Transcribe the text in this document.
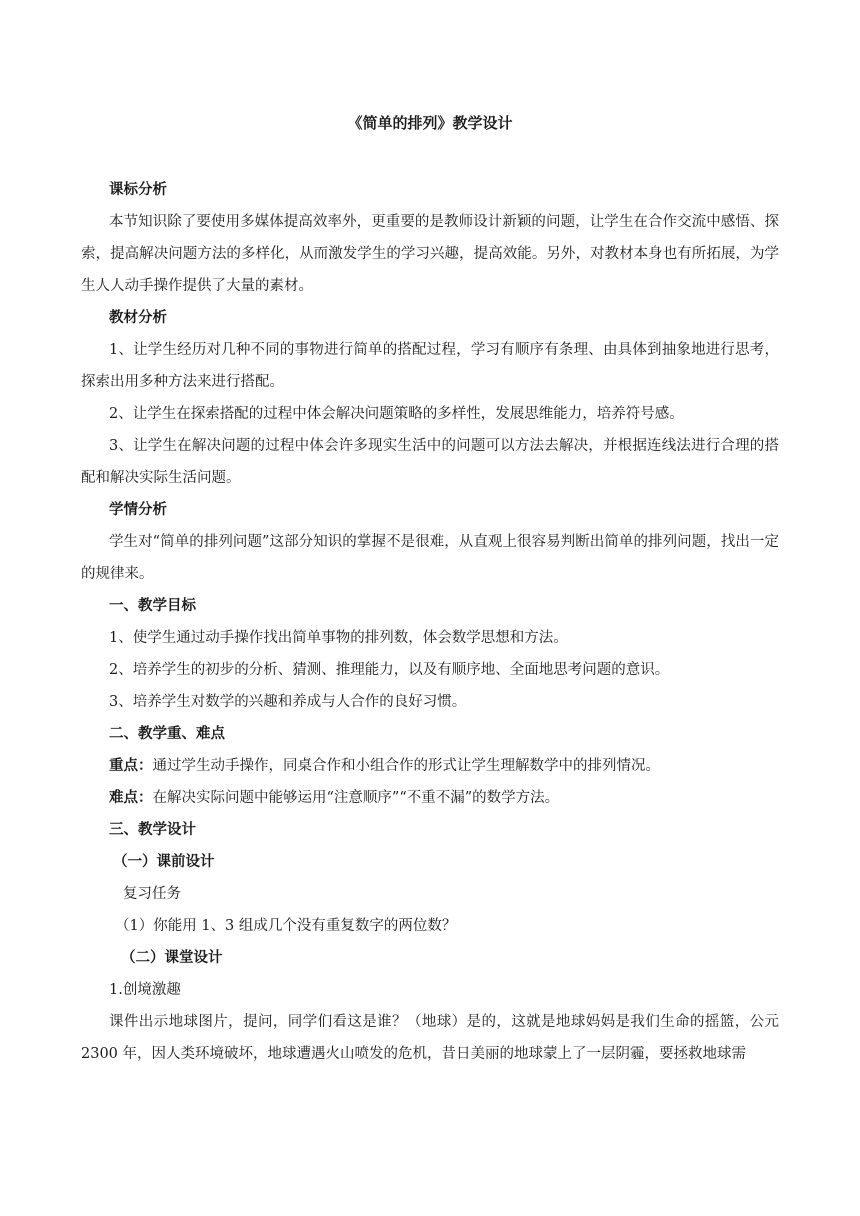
《简单的排列》教学设计

课标分析

本节知识除了要使用多媒体提高效率外，更重要的是教师设计新颖的问题，让学生在合作交流中感悟、探索，提高解决问题方法的多样化，从而激发学生的学习兴趣，提高效能。另外，对教材本身也有所拓展，为学生人人动手操作提供了大量的素材。

教材分析

1、让学生经历对几种不同的事物进行简单的搭配过程，学习有顺序有条理、由具体到抽象地进行思考，探索出用多种方法来进行搭配。

2、让学生在探索搭配的过程中体会解决问题策略的多样性，发展思维能力，培养符号感。

3、让学生在解决问题的过程中体会许多现实生活中的问题可以方法去解决，并根据连线法进行合理的搭配和解决实际生活问题。

学情分析

学生对“简单的排列问题”这部分知识的掌握不是很难，从直观上很容易判断出简单的排列问题，找出一定的规律来。

一、教学目标

1、使学生通过动手操作找出简单事物的排列数，体会数学思想和方法。

2、培养学生的初步的分析、猜测、推理能力，以及有顺序地、全面地思考问题的意识。

3、培养学生对数学的兴趣和养成与人合作的良好习惯。

二、教学重、难点

重点：通过学生动手操作，同桌合作和小组合作的形式让学生理解数学中的排列情况。

难点：在解决实际问题中能够运用“注意顺序”“不重不漏”的数学方法。

三、教学设计

（一）课前设计

复习任务

（1）你能用 1、3 组成几个没有重复数字的两位数？

（二）课堂设计

1.创境激趣

课件出示地球图片，提问，同学们看这是谁？（地球）是的，这就是地球妈妈是我们生命的摇篮，公元 2300 年，因人类环境破坏，地球遭遇火山喷发的危机，昔日美丽的地球蒙上了一层阴霾，要拯救地球需
